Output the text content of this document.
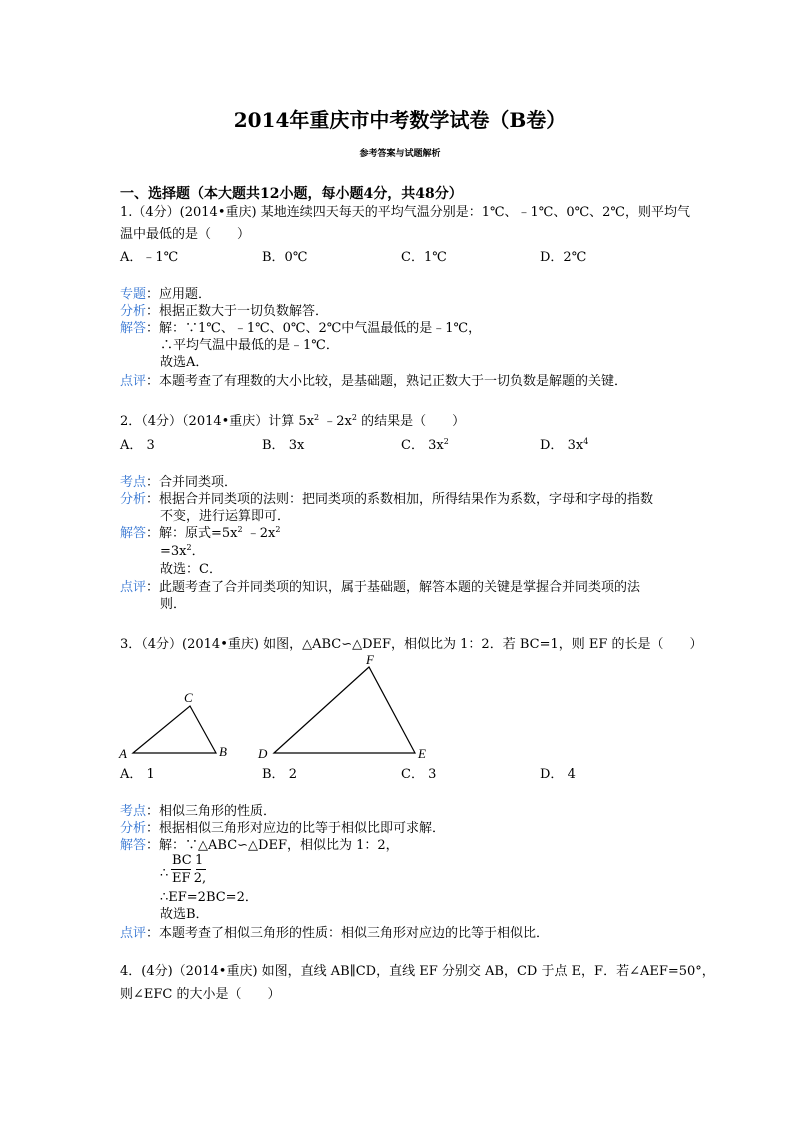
2014年重庆市中考数学试卷（B卷）
参考答案与试题解析
一、选择题（本大题共12小题，每小题4分，共48分）
1.（4分）(2014•重庆) 某地连续四天每天的平均气温分别是：1℃、﹣1℃、0℃、2℃，则平均气
温中最低的是（　　）
A．﹣1℃	B．0℃	C．1℃	D．2℃
专题：应用题．
分析：根据正数大于一切负数解答．
解答：解：∵1℃、﹣1℃、0℃、2℃中气温最低的是﹣1℃，
∴平均气温中最低的是﹣1℃．
故选A．
点评：本题考查了有理数的大小比较，是基础题，熟记正数大于一切负数是解题的关键．
2．（4分）（2014•重庆）计算 $5x^2$ $﹣2x^2$ 的结果是（　　）
A． 3	B． 3x	C． $3x^2$	D． $3x^4$
考点：合并同类项．
分析：根据合并同类项的法则：把同类项的系数相加，所得结果作为系数，字母和字母的指数
不变，进行运算即可．
解答：解：原式$=5x^2$ $﹣2x^2$
$=3x^2$．
故选：C．
点评：此题考查了合并同类项的知识，属于基础题，解答本题的关键是掌握合并同类项的法
则．
3．（4分）(2014•重庆) 如图，△ABC∽△DEF，相似比为 1：2．若 BC=1，则 EF 的长是（　　）
A	B
C
D	E
F
A． 1	B． 2	C． 3	D． 4
考点：相似三角形的性质．
分析：根据相似三角形对应边的比等于相似比即可求解．
解答：解：∵△ABC∽△DEF，相似比为 1：2，
∴
BC  1
EF  2,
∴EF=2BC=2．
故选B．
点评：本题考查了相似三角形的性质：相似三角形对应边的比等于相似比．
4．(4分)（2014•重庆) 如图，直线 AB∥CD，直线 EF 分别交 AB，CD 于点 E，F．若∠AEF=50°，
则∠EFC 的大小是（　　）
